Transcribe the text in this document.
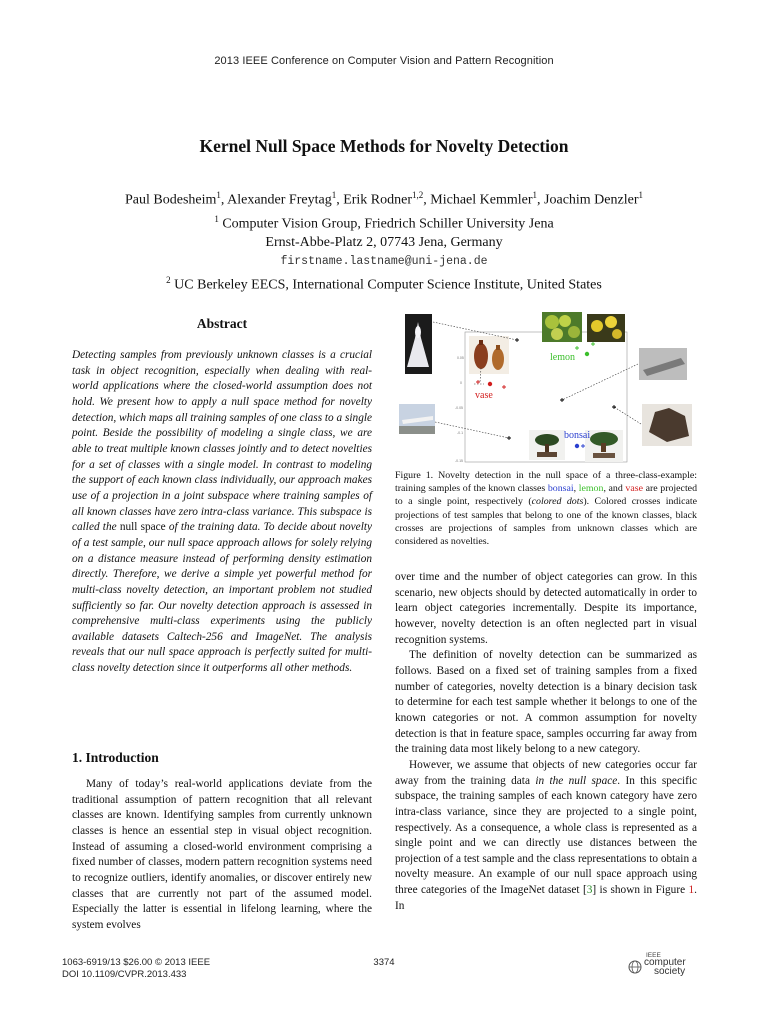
2013 IEEE Conference on Computer Vision and Pattern Recognition
Kernel Null Space Methods for Novelty Detection
Paul Bodesheim$^1$, Alexander Freytag$^1$, Erik Rodner$^{1,2}$, Michael Kemmler$^1$, Joachim Denzler$^1$
$^1$ Computer Vision Group, Friedrich Schiller University Jena
Ernst-Abbe-Platz 2, 07743 Jena, Germany
firstname.lastname@uni-jena.de
$^2$ UC Berkeley EECS, International Computer Science Institute, United States
Abstract
Detecting samples from previously unknown classes is a crucial task in object recognition, especially when dealing with real-world applications where the closed-world assumption does not hold. We present how to apply a null space method for novelty detection, which maps all training samples of one class to a single point. Beside the possibility of modeling a single class, we are able to treat multiple known classes jointly and to detect novelties for a set of classes with a single model. In contrast to modeling the support of each known class individually, our approach makes use of a projection in a joint subspace where training samples of all known classes have zero intra-class variance. This subspace is called the null space of the training data. To decide about novelty of a test sample, our null space approach allows for solely relying on a distance measure instead of performing density estimation directly. Therefore, we derive a simple yet powerful method for multi-class novelty detection, an important problem not studied sufficiently so far. Our novelty detection approach is assessed in comprehensive multi-class experiments using the publicly available datasets Caltech-256 and ImageNet. The analysis reveals that our null space approach is perfectly suited for multi-class novelty detection since it outperforms all other methods.
1. Introduction
Many of today’s real-world applications deviate from the traditional assumption of pattern recognition that all relevant classes are known. Identifying samples from currently unknown classes is hence an essential step in visual object recognition. Instead of assuming a closed-world environment comprising a fixed number of classes, modern pattern recognition systems need to recognize outliers, identify anomalies, or discover entirely new classes that are currently not part of the assumed model. Especially the latter is essential in lifelong learning, where the system evolves
0.05
0
-0.05
-0.1
-0.15
lemon
vase
bonsai
Figure 1. Novelty detection in the null space of a three-class-example: training samples of the known classes bonsai, lemon, and vase are projected to a single point, respectively (colored dots). Colored crosses indicate projections of test samples that belong to one of the known classes, black crosses are projections of samples from unknown classes which are considered as novelties.

over time and the number of object categories can grow. In this scenario, new objects should by detected automatically in order to learn object categories incrementally. Despite its importance, however, novelty detection is an often neglected part in visual recognition systems.

The definition of novelty detection can be summarized as follows. Based on a fixed set of training samples from a fixed number of categories, novelty detection is a binary decision task to determine for each test sample whether it belongs to one of the known categories or not. A common assumption for novelty detection is that in feature space, samples occurring far away from the training data most likely belong to a new category.

However, we assume that objects of new categories occur far away from the training data in the null space. In this specific subspace, the training samples of each known category have zero intra-class variance, since they are projected to a single point, respectively. As a consequence, a whole class is represented as a single point and we can directly use distances between the projection of a test sample and the class representations to obtain a novelty measure. An example of our null space approach using three categories of the ImageNet dataset [3] is shown in Figure 1. In

1063-6919/13 $26.00 © 2013 IEEE
DOI 10.1109/CVPR.2013.433
3374
IEEE
computer
society
